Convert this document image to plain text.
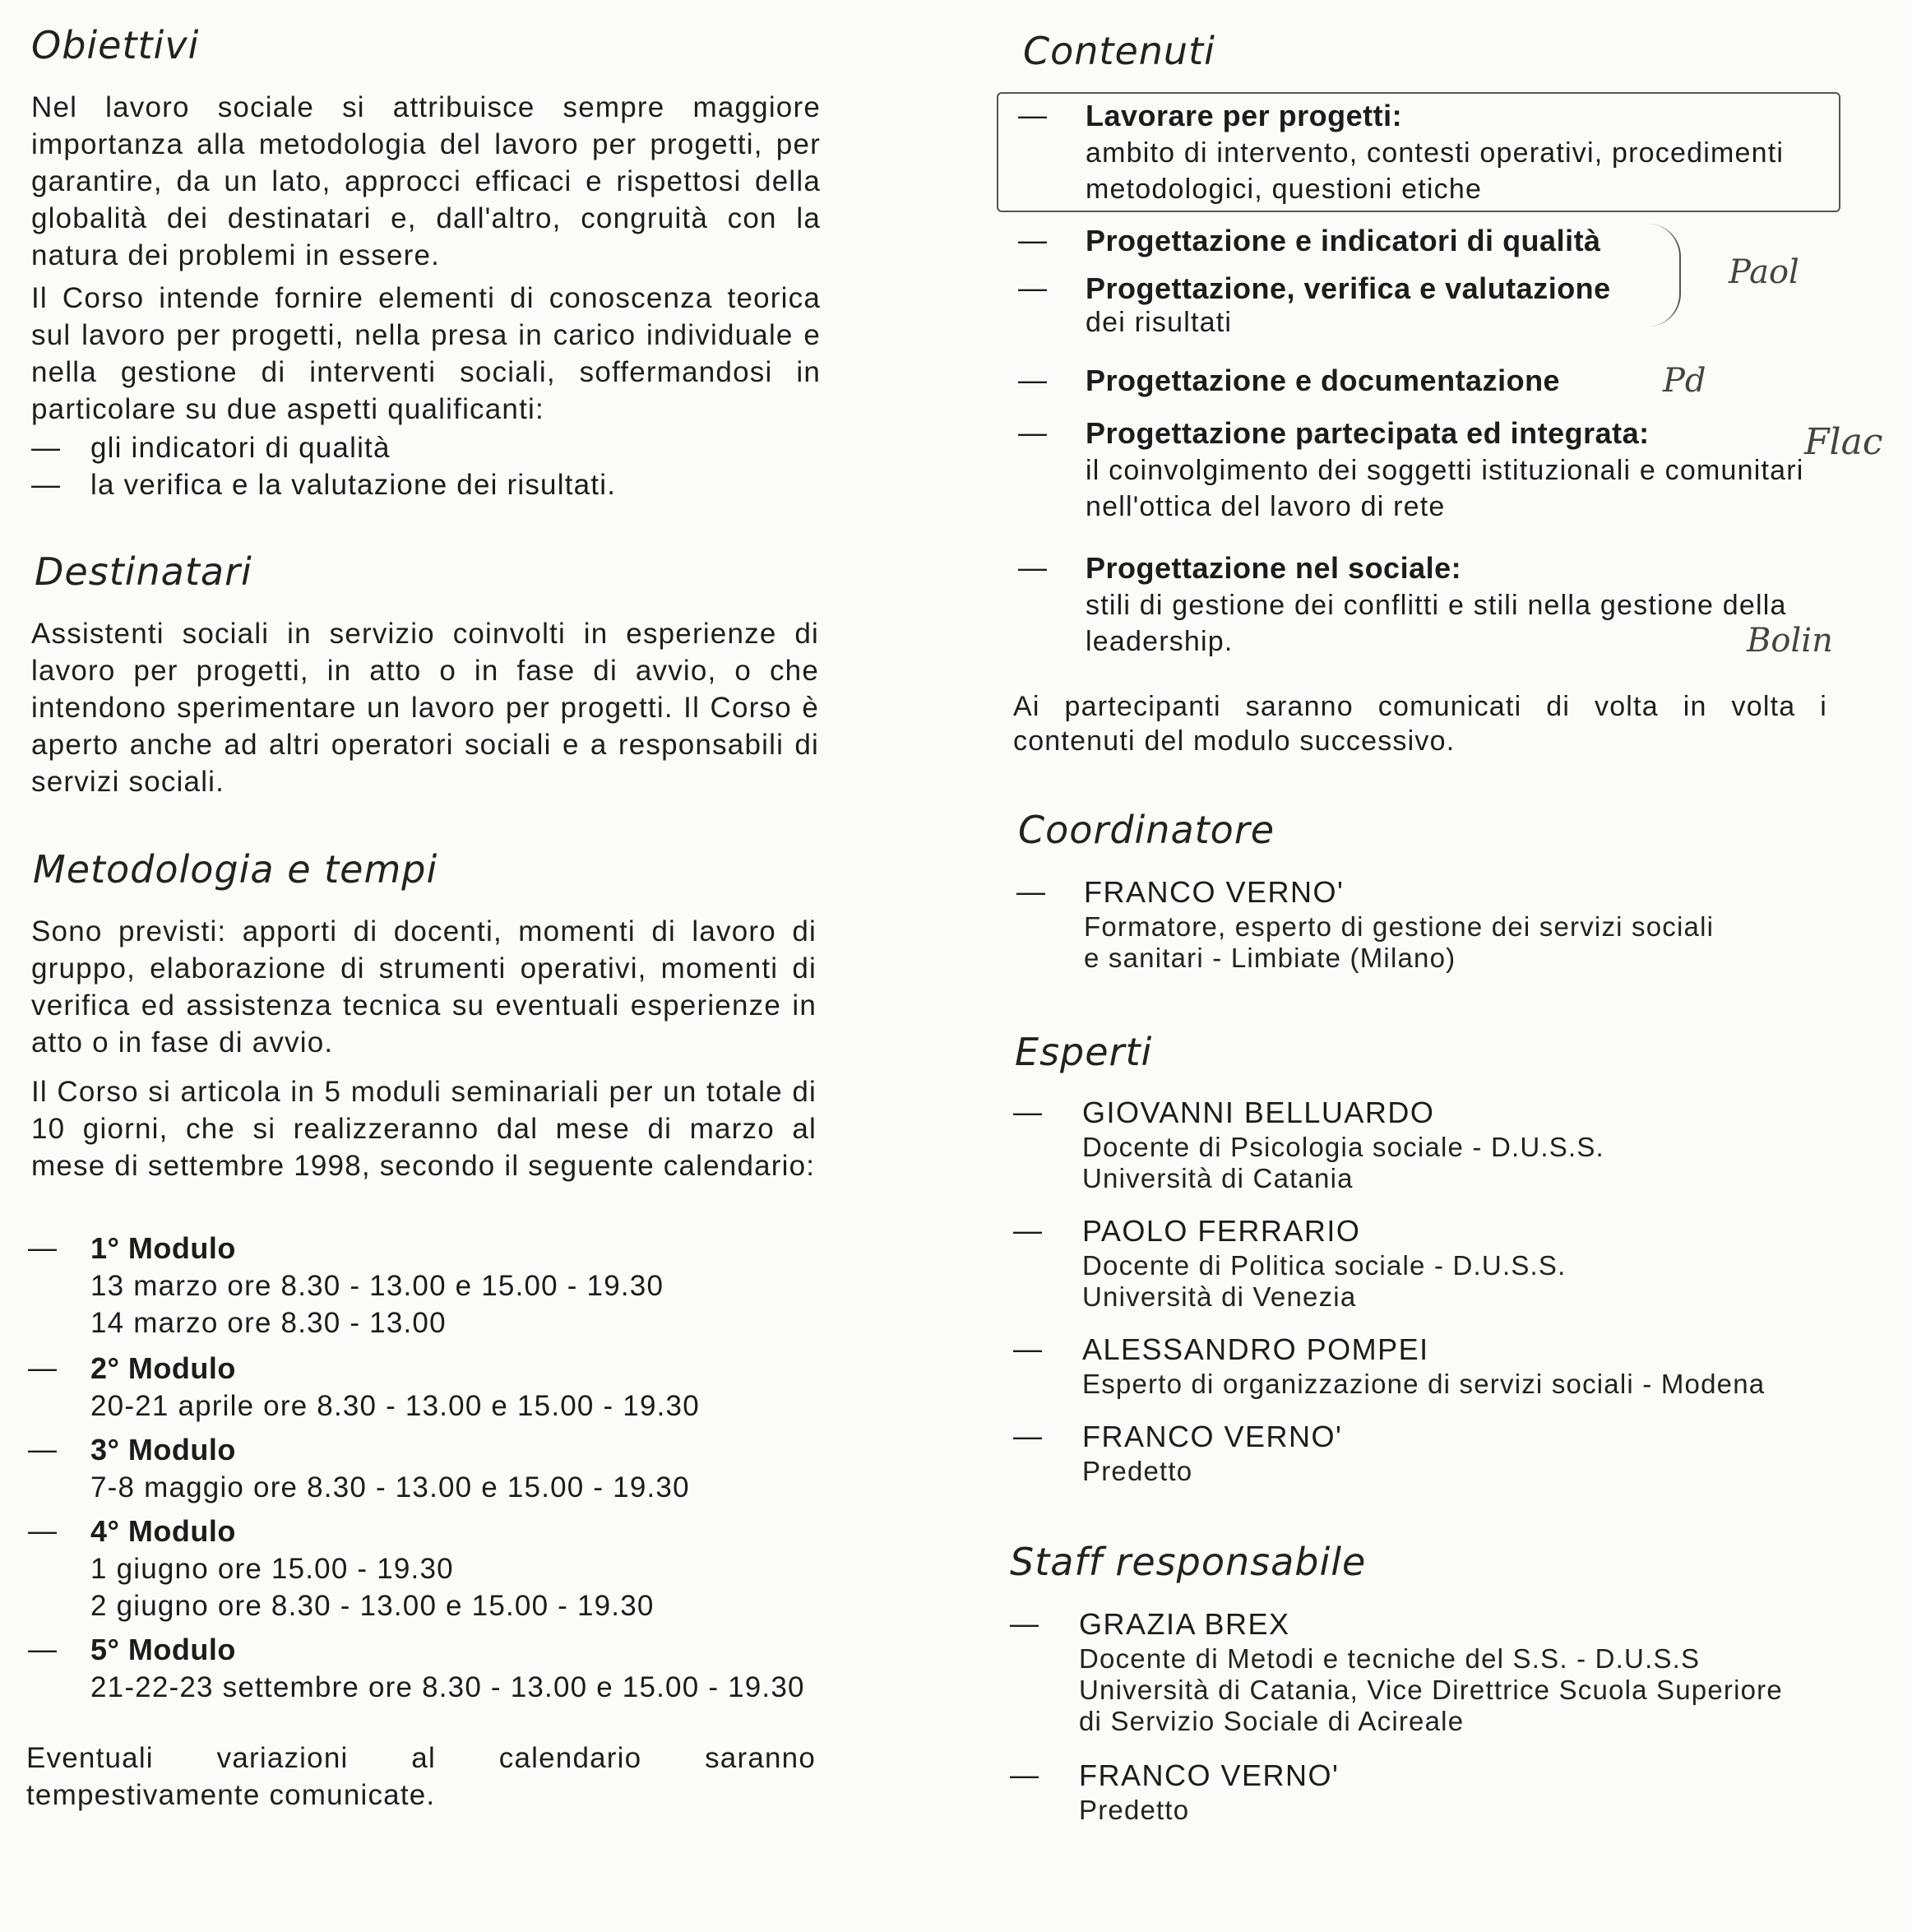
Obiettivi
Nel lavoro sociale si attribuisce sempre maggiore importanza alla metodologia del lavoro per progetti, per garantire, da un lato, approcci efficaci e rispettosi della globalità dei destinatari e, dall'altro, congruità con la natura dei problemi in essere.
Il Corso intende fornire elementi di conoscenza teorica sul lavoro per progetti, nella presa in carico individuale e nella gestione di interventi sociali, soffermandosi in particolare su due aspetti qualificanti:
— gli indicatori di qualità
— la verifica e la valutazione dei risultati.
Destinatari
Assistenti sociali in servizio coinvolti in esperienze di lavoro per progetti, in atto o in fase di avvio, o che intendono sperimentare un lavoro per progetti. Il Corso è aperto anche ad altri operatori sociali e a responsabili di servizi sociali.
Metodologia e tempi
Sono previsti: apporti di docenti, momenti di lavoro di gruppo, elaborazione di strumenti operativi, momenti di verifica ed assistenza tecnica su eventuali esperienze in atto o in fase di avvio.
Il Corso si articola in 5 moduli seminariali per un totale di 10 giorni, che si realizzeranno dal mese di marzo al mese di settembre 1998, secondo il seguente calendario:
— 1° Modulo
13 marzo ore 8.30 - 13.00 e 15.00 - 19.30
14 marzo ore 8.30 - 13.00
— 2° Modulo
20-21 aprile ore 8.30 - 13.00 e 15.00 - 19.30
— 3° Modulo
7-8 maggio ore 8.30 - 13.00 e 15.00 - 19.30
— 4° Modulo
1 giugno ore 15.00 - 19.30
2 giugno ore 8.30 - 13.00 e 15.00 - 19.30
— 5° Modulo
21-22-23 settembre ore 8.30 - 13.00 e 15.00 - 19.30
Eventuali variazioni al calendario saranno tempestivamente comunicate.
Contenuti
— Lavorare per progetti:
ambito di intervento, contesti operativi, procedimenti metodologici, questioni etiche
— Progettazione e indicatori di qualità
— Progettazione, verifica e valutazione
dei risultati
— Progettazione e documentazione
— Progettazione partecipata ed integrata:
il coinvolgimento dei soggetti istituzionali e comunitari nell'ottica del lavoro di rete
— Progettazione nel sociale:
stili di gestione dei conflitti e stili nella gestione della leadership.
Paol
Pd
Flac
Bolin
Ai partecipanti saranno comunicati di volta in volta i contenuti del modulo successivo.
Coordinatore
— FRANCO VERNO'
Formatore, esperto di gestione dei servizi sociali
e sanitari - Limbiate (Milano)
Esperti
— GIOVANNI BELLUARDO
Docente di Psicologia sociale - D.U.S.S.
Università di Catania
— PAOLO FERRARIO
Docente di Politica sociale - D.U.S.S.
Università di Venezia
— ALESSANDRO POMPEI
Esperto di organizzazione di servizi sociali - Modena
— FRANCO VERNO'
Predetto
Staff responsabile
— GRAZIA BREX
Docente di Metodi e tecniche del S.S. - D.U.S.S
Università di Catania, Vice Direttrice Scuola Superiore
di Servizio Sociale di Acireale
— FRANCO VERNO'
Predetto
